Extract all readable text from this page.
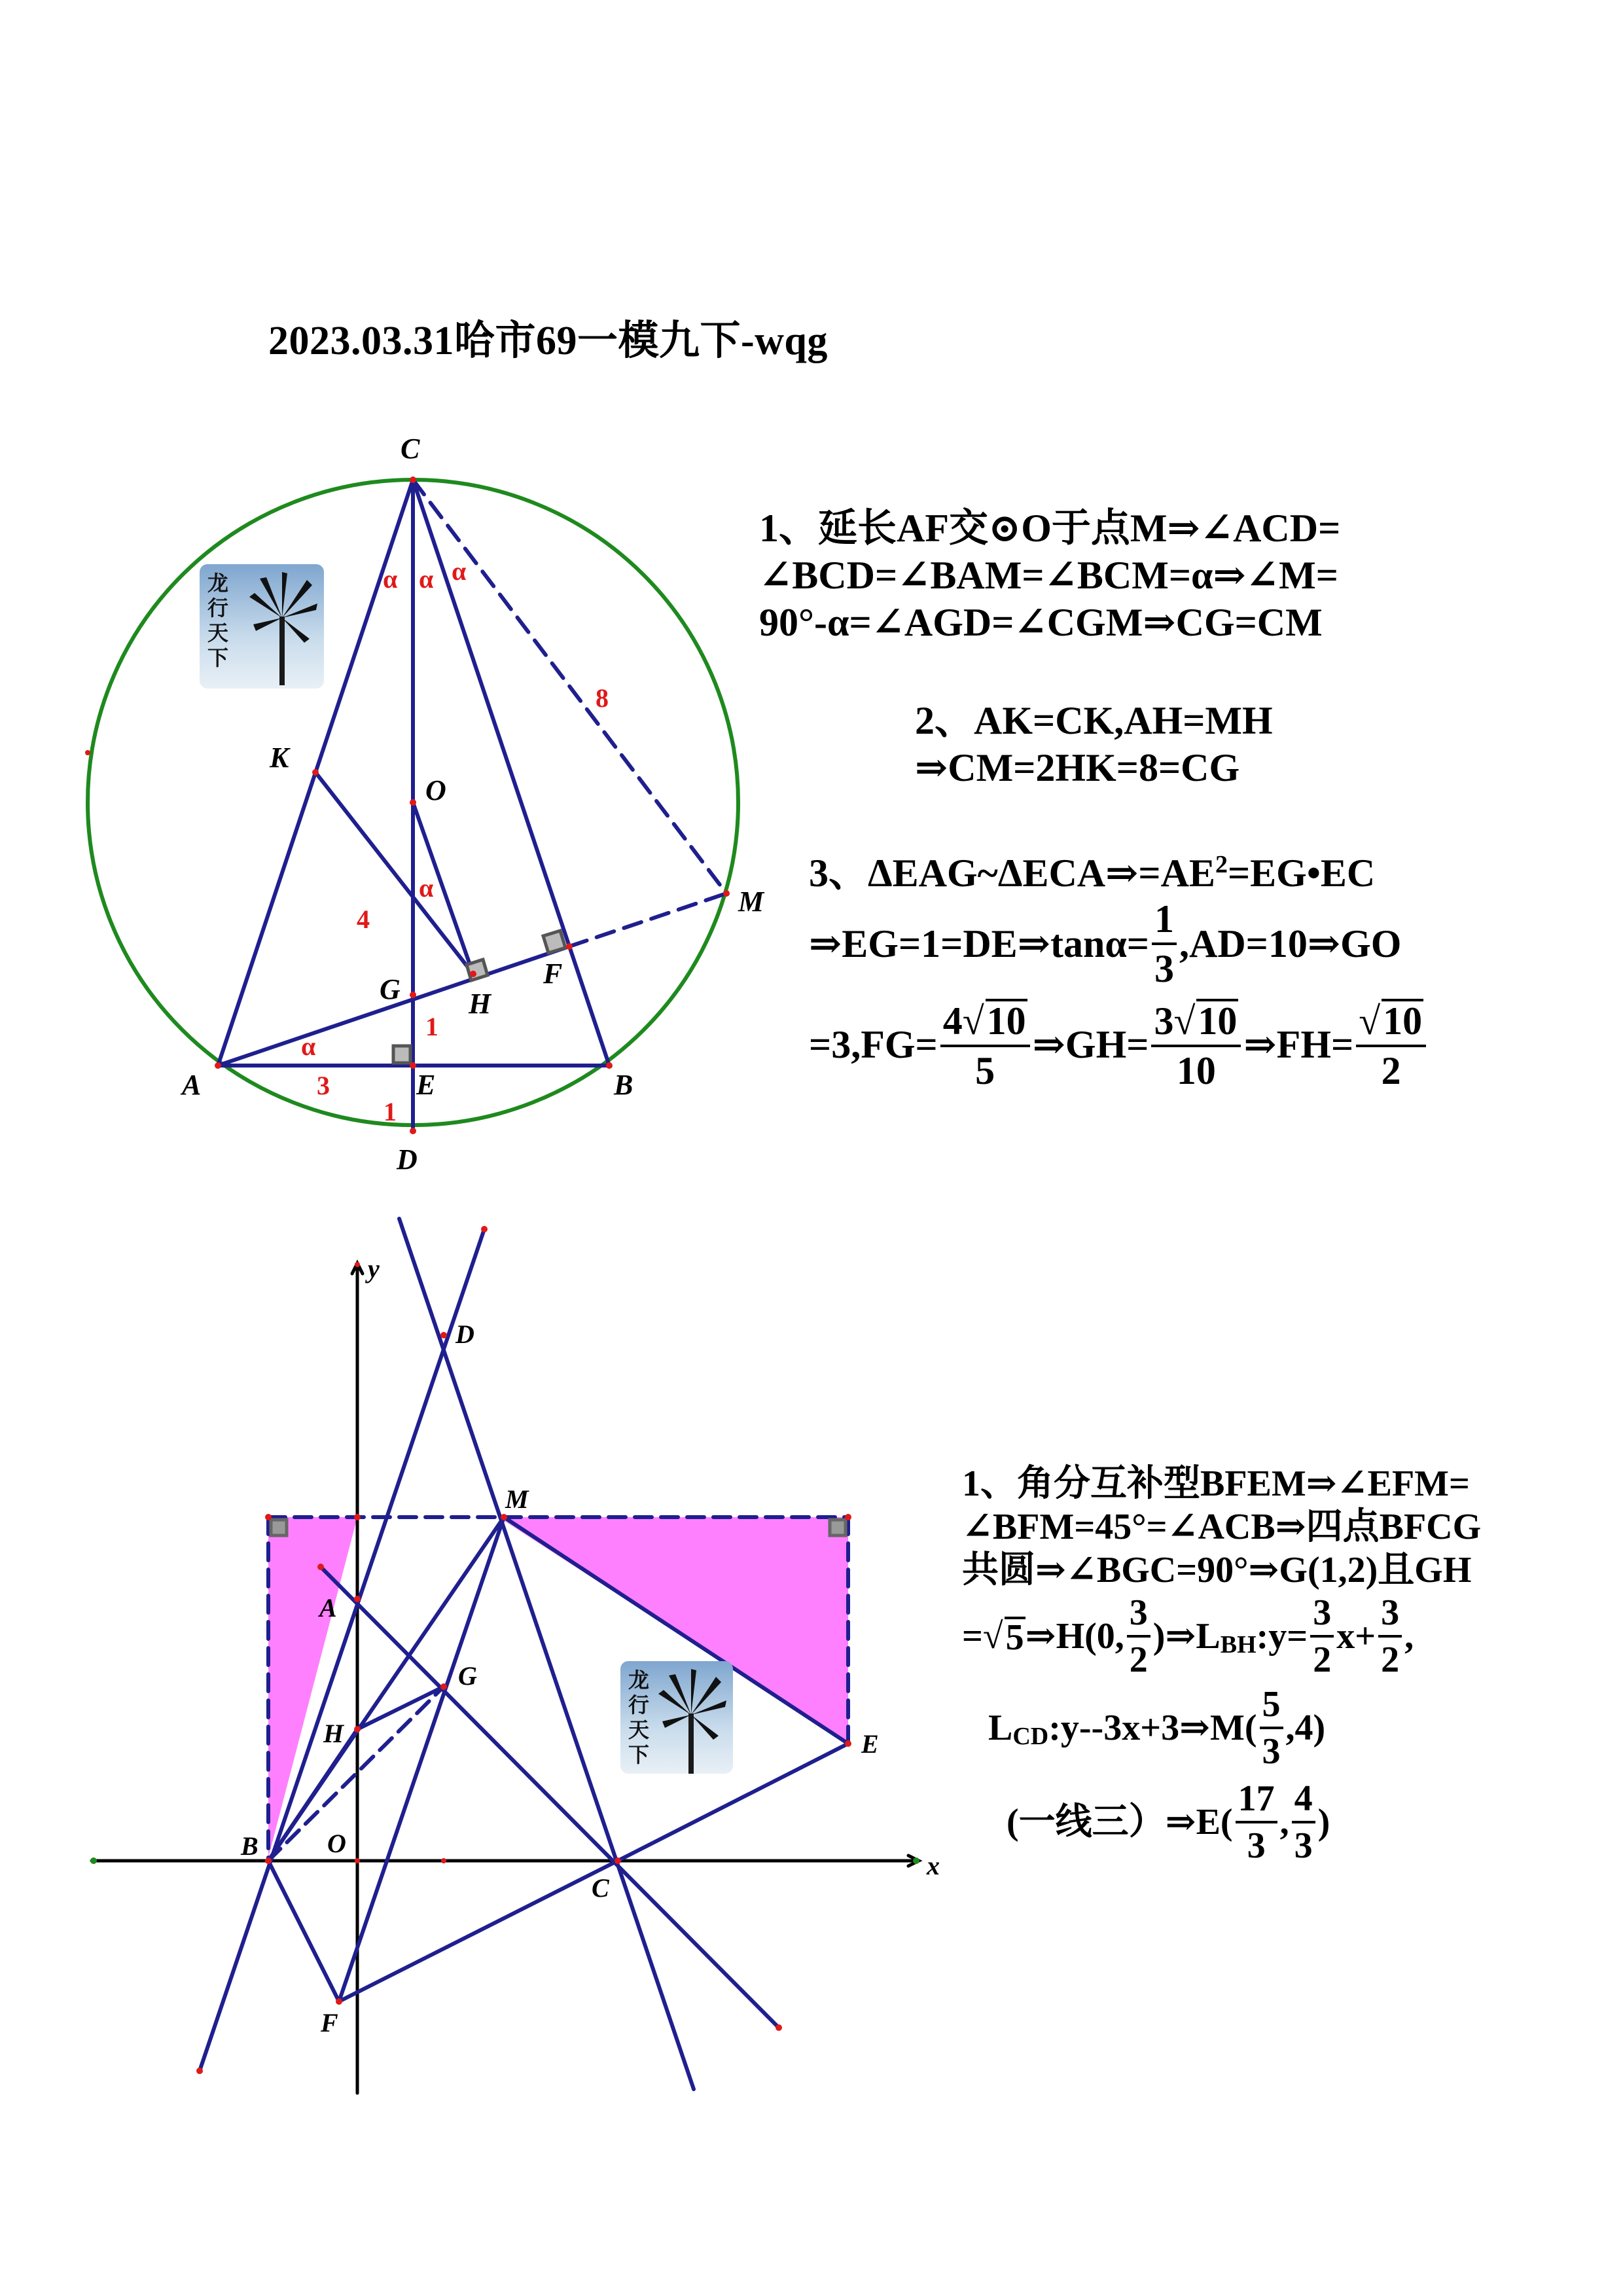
2023.03.31哈市69一模九下-wqg
C
K
O
M
G H
F
A	E	B
D
α α α
α
α
8
4
1
3
1
y
D
M
A
G
H
B	O
C
E
F
x
龙
行
天
下
龙
行
天
下
1、延长AF交⊙O于点M⇒∠ACD=
∠BCD=∠BAM=∠BCM=α⇒∠M=
90°-α=∠AGD=∠CGM⇒CG=CM
2、AK=CK,AH=MH
⇒CM=2HK=8=CG
3、$\Delta EAG\sim\Delta ECA\Rightarrow=AE^2=EG•EC$
⇒EG=1=DE⇒tanα= $\frac{1}{3}$ ,AD=10⇒GO
$=3,FG= \frac{4√10}{5}$ ⇒GH= $\frac{3√10}{10}$ ⇒FH= $\frac{√10}{2}$
1、角分互补型BFEM⇒∠EFM=
∠BFM=45°=∠ACB⇒四点BFCG
共圆⇒∠BGC=90°⇒G(1,2)且GH
=√5⇒H(0, $\frac{3}{2}$ )$\Rightarrow L_{BH}:y= \frac{3}{2} x+ \frac{3}{2}$ ,
$L_{CD}:y--3x+3\Rightarrow M( \frac{5}{3} ,4)$
(一线三）⇒E( $\frac{17}{3}$ , $\frac{4}{3}$ )
